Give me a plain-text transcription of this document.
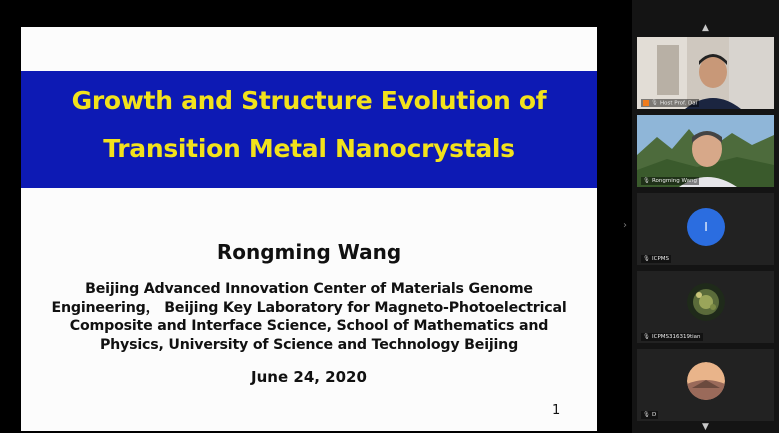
Growth and Structure Evolution of
Transition Metal Nanocrystals
Rongming Wang
Beijing Advanced Innovation Center of Materials Genome
Engineering， Beijing Key Laboratory for Magneto-Photoelectrical
Composite and Interface Science, School of Mathematics and
Physics, University of Science and Technology Beijing
June 24, 2020
1
›
▲
🎙 Host Prof. Dai
🎙 Rongming Wang
I
🎙 ICPMS
🎙 ICPMS316319tian
🎙 D
▼
